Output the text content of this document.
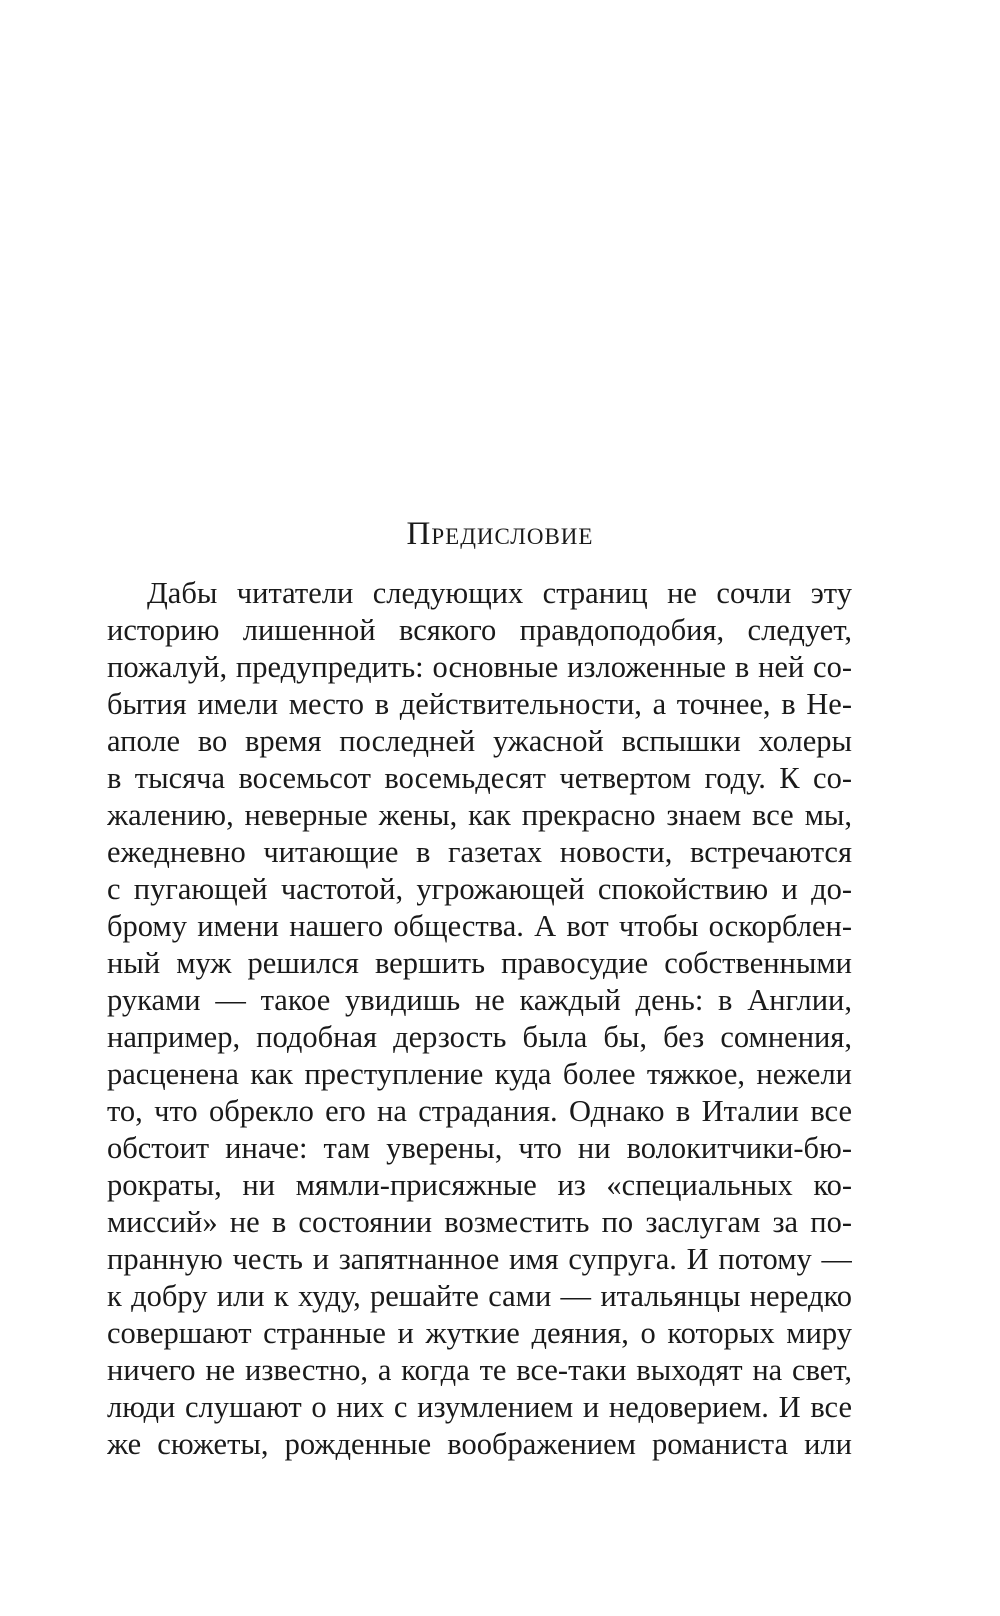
Предисловие
Дабы читатели следующих страниц не сочли эту
историю лишенной всякого правдоподобия, следует,
пожалуй, предупредить: основные изложенные в ней со-
бытия имели место в действительности, а точнее, в Не-
аполе во время последней ужасной вспышки холеры
в тысяча восемьсот восемьдесят четвертом году. К со-
жалению, неверные жены, как прекрасно знаем все мы,
ежедневно читающие в газетах новости, встречаются
с пугающей частотой, угрожающей спокойствию и до-
брому имени нашего общества. А вот чтобы оскорблен-
ный муж решился вершить правосудие собственными
руками — такое увидишь не каждый день: в Англии,
например, подобная дерзость была бы, без сомнения,
расценена как преступление куда более тяжкое, нежели
то, что обрекло его на страдания. Однако в Италии все
обстоит иначе: там уверены, что ни волокитчики-бю-
рократы, ни мямли-присяжные из «специальных ко-
миссий» не в состоянии возместить по заслугам за по-
пранную честь и запятнанное имя супруга. И потому —
к добру или к худу, решайте сами — итальянцы нередко
совершают странные и жуткие деяния, о которых миру
ничего не известно, а когда те все-таки выходят на свет,
люди слушают о них с изумлением и недоверием. И все
же сюжеты, рожденные воображением романиста или
